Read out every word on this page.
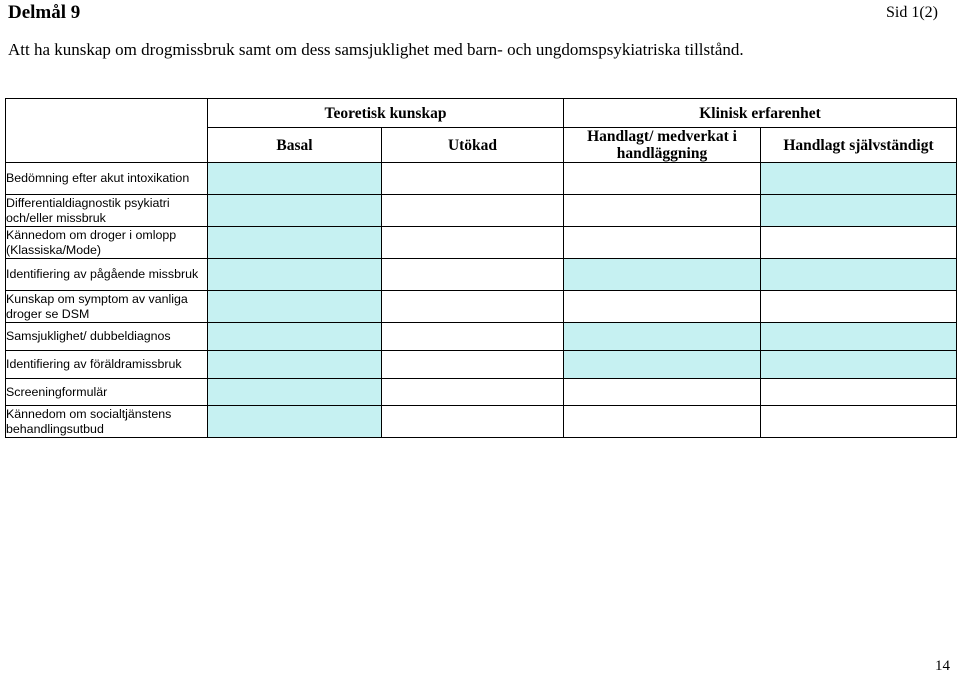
Delmål 9	Sid 1(2)
Att ha kunskap om drogmissbruk samt om dess samsjuklighet med barn- och ungdomspsykiatriska tillstånd.
	Teoretisk kunskap		Klinisk erfarenhet	
	Basal	Utökad	Handlagt/ medverkat i handläggning	Handlagt självständigt
Bedömning efter akut intoxikation				
Differentialdiagnostik psykiatri och/eller missbruk				
Kännedom om droger i omlopp (Klassiska/Mode)				
Identifiering av pågående missbruk				
Kunskap om symptom av vanliga droger se DSM				
Samsjuklighet/ dubbeldiagnos				
Identifiering av föräldramissbruk				
Screeningformulär				
Kännedom om socialtjänstens behandlingsutbud				
14
